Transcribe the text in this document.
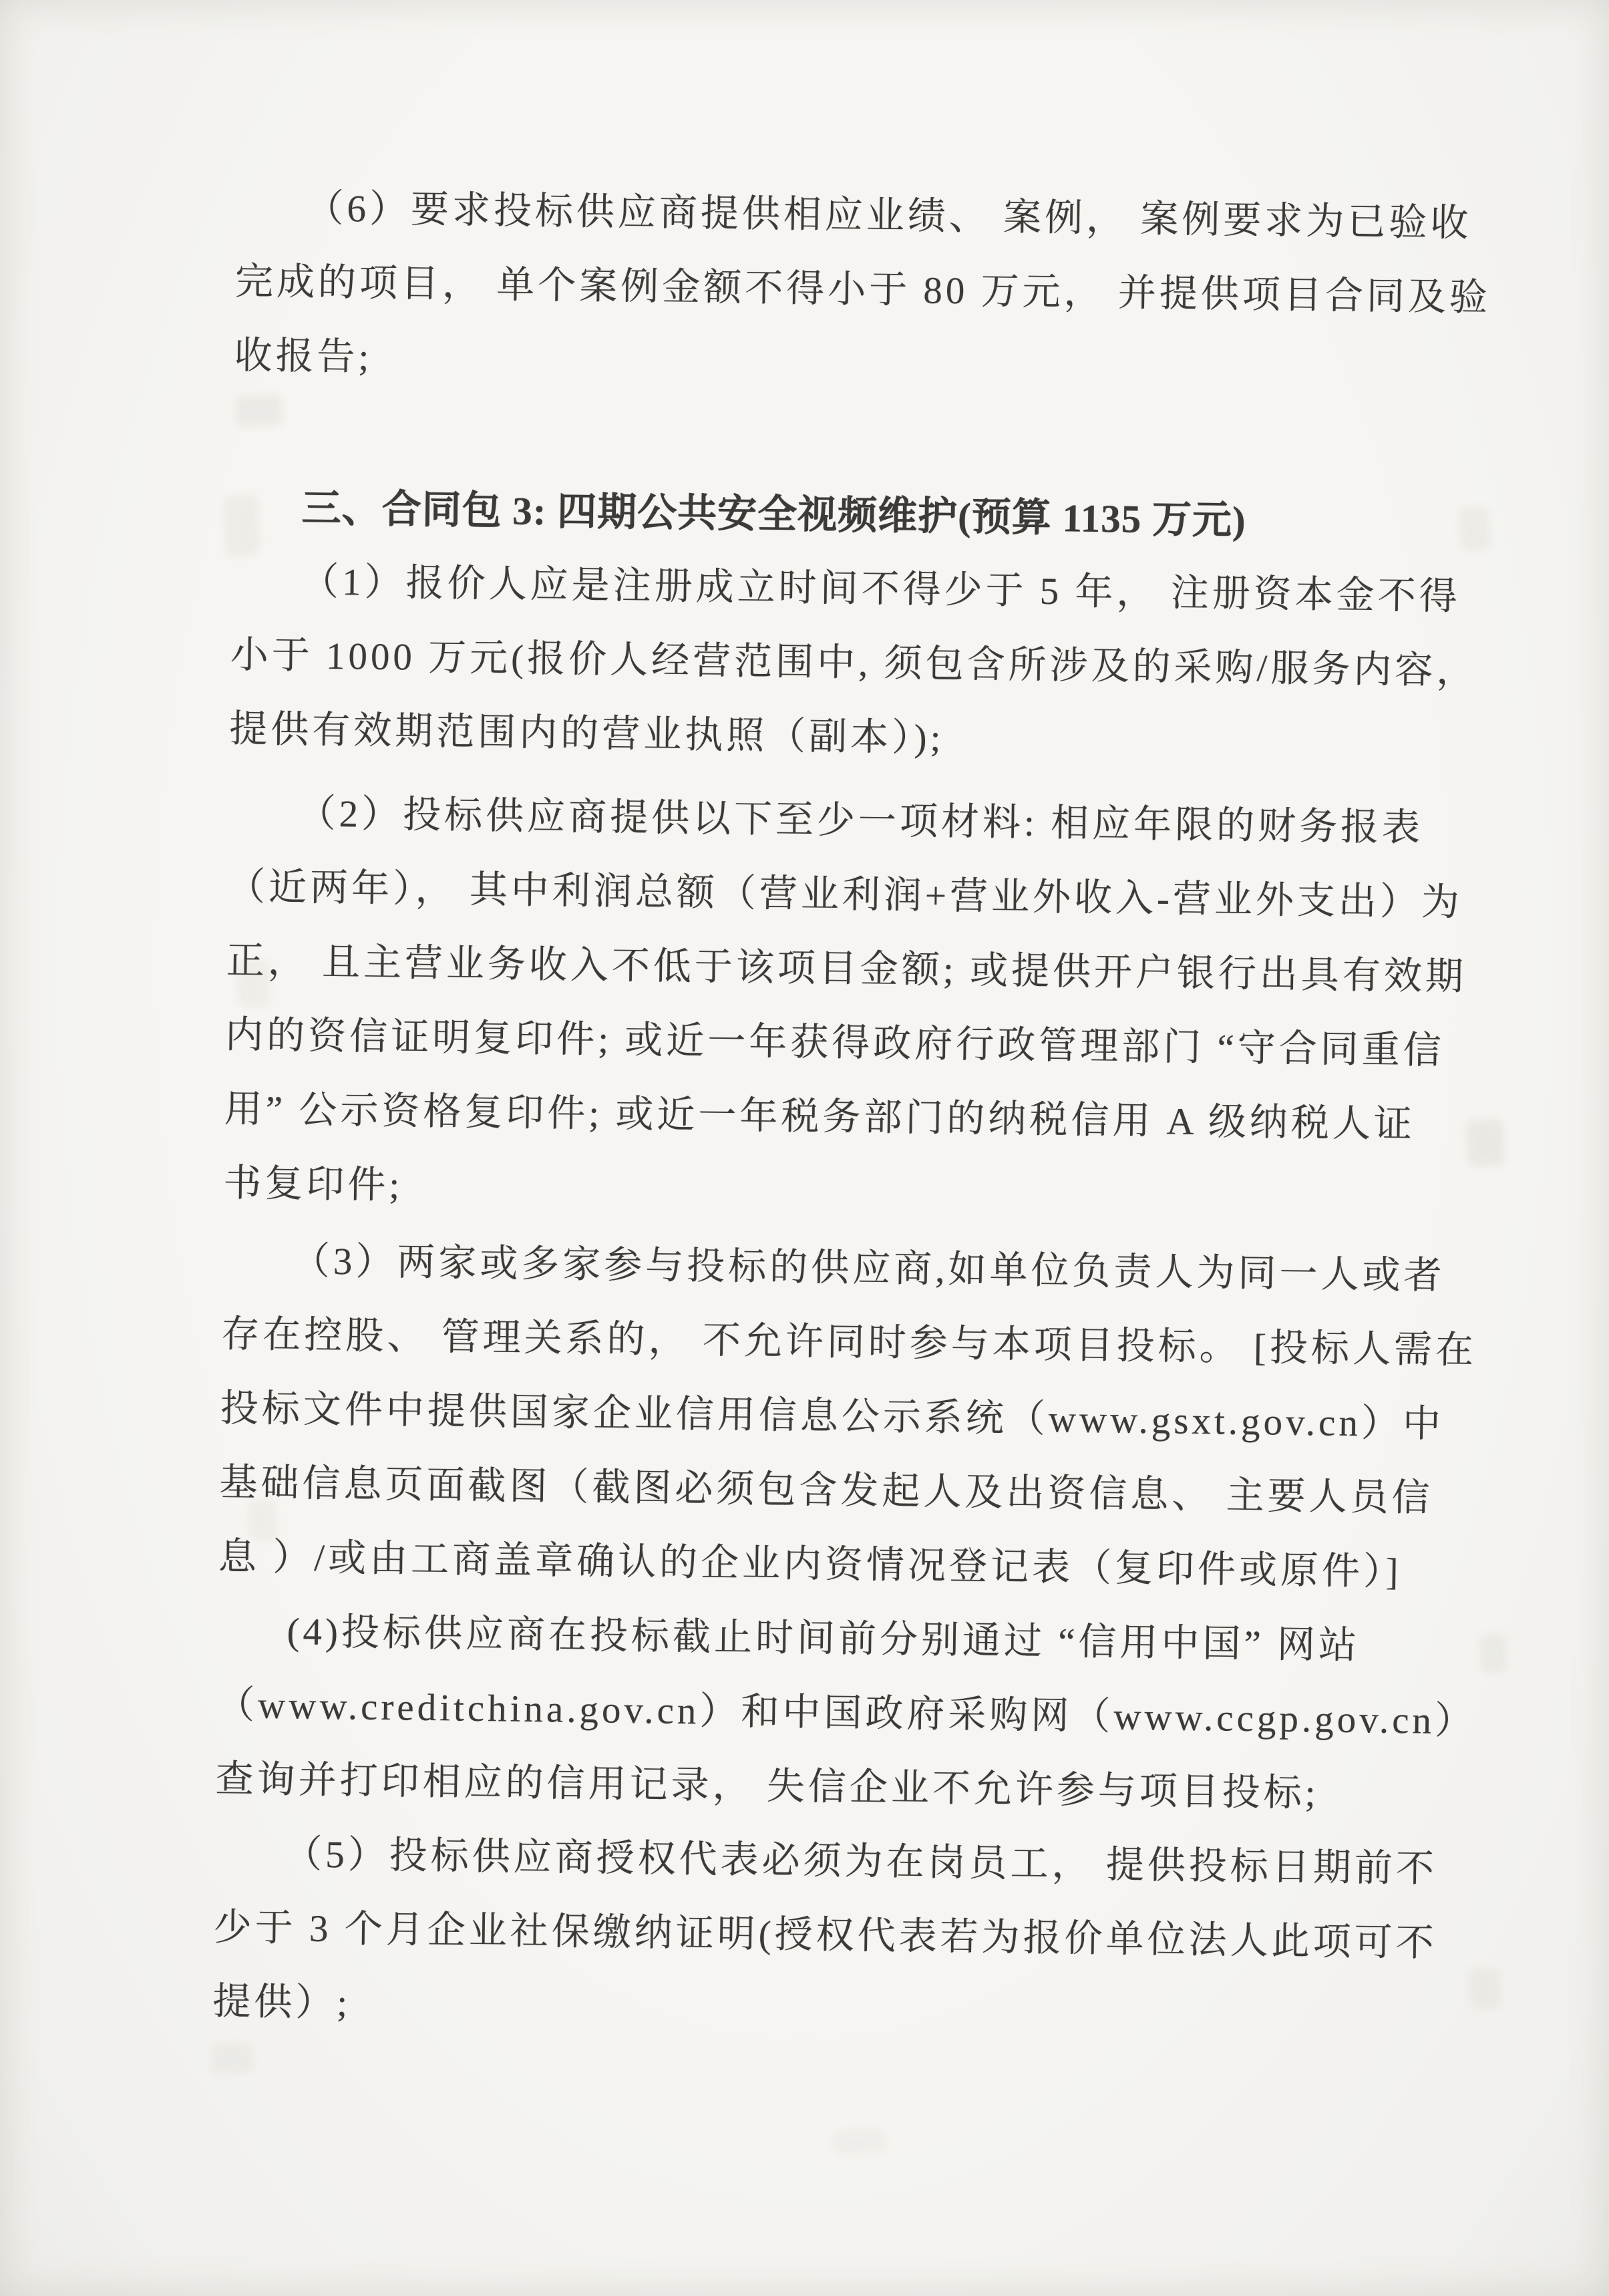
（6）要求投标供应商提供相应业绩、 案例， 案例要求为已验收
完成的项目， 单个案例金额不得小于 80 万元， 并提供项目合同及验
收报告;
三、合同包 3: 四期公共安全视频维护(预算 1135 万元)
（1）报价人应是注册成立时间不得少于 5 年， 注册资本金不得
小于 1000 万元(报价人经营范围中, 须包含所涉及的采购/服务内容，
提供有效期范围内的营业执照（副本）);
（2）投标供应商提供以下至少一项材料: 相应年限的财务报表
（近两年）， 其中利润总额（营业利润+营业外收入-营业外支出）为
正， 且主营业务收入不低于该项目金额; 或提供开户银行出具有效期
内的资信证明复印件; 或近一年获得政府行政管理部门 “守合同重信
用” 公示资格复印件; 或近一年税务部门的纳税信用 A 级纳税人证
书复印件;
（3）两家或多家参与投标的供应商,如单位负责人为同一人或者
存在控股、 管理关系的， 不允许同时参与本项目投标。 [投标人需在
投标文件中提供国家企业信用信息公示系统（www.gsxt.gov.cn）中
基础信息页面截图（截图必须包含发起人及出资信息、 主要人员信
息 ）/或由工商盖章确认的企业内资情况登记表（复印件或原件）]
(4)投标供应商在投标截止时间前分别通过 “信用中国” 网站
（www.creditchina.gov.cn）和中国政府采购网（www.ccgp.gov.cn）
查询并打印相应的信用记录， 失信企业不允许参与项目投标;
（5）投标供应商授权代表必须为在岗员工， 提供投标日期前不
少于 3 个月企业社保缴纳证明(授权代表若为报价单位法人此项可不
提供）;
